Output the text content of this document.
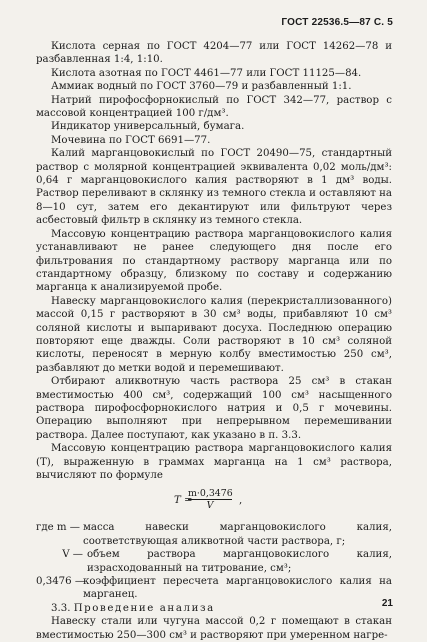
ГОСТ 22536.5—87 С. 5

Кислота серная по ГОСТ 4204—77 или ГОСТ 14262—78 и разбавленная 1:4, 1:10.

Кислота азотная по ГОСТ 4461—77 или ГОСТ 11125—84.

Аммиак водный по ГОСТ 3760—79 и разбавленный 1:1.

Натрий пирофосфорнокислый по ГОСТ 342—77, раствор с массовой концентрацией 100 г/дм³.

Индикатор универсальный, бумага.

Мочевина по ГОСТ 6691—77.

Калий марганцовокислый по ГОСТ 20490—75, стандартный раствор с молярной концентрацией эквивалента 0,02 моль/дм³: 0,64 г марганцовокислого калия растворяют в 1 дм³ воды. Раствор переливают в склянку из темного стекла и оставляют на 8—10 сут, затем его декантируют или фильтруют через асбестовый фильтр в склянку из темного стекла.

Массовую концентрацию раствора марганцовокислого калия устанавливают не ранее следующего дня после его фильтрования по стандартному раствору марганца или по стандартному образцу, близкому по составу и содержанию марганца к анализируемой пробе.

Навеску марганцовокислого калия (перекристаллизованного) массой 0,15 г растворяют в 30 см³ воды, прибавляют 10 см³ соляной кислоты и выпаривают досуха. Последнюю операцию повторяют еще дважды. Соли растворяют в 10 см³ соляной кислоты, переносят в мерную колбу вместимостью 250 см³, разбавляют до метки водой и перемешивают.

Отбирают аликвотную часть раствора 25 см³ в стакан вместимостью 400 см³, содержащий 100 см³ насыщенного раствора пирофосфорнокислого натрия и 0,5 г мочевины. Операцию выполняют при непрерывном перемешивании раствора. Далее поступают, как указано в п. 3.3.

Массовую концентрацию раствора марганцовокислого калия (T), выраженную в граммах марганца на 1 см³ раствора, вычисляют по формуле

T =
$\frac{m\cdot 0,3476}{V}$ ,
где m — масса навески марганцовокислого калия, соответствующая аликвотной части раствора, г;
V — объем раствора марганцовокислого калия, израсходованный на титрование, см³;
0,3476 —
коэффициент пересчета марганцовокислого калия на марганец.

3.3. Проведение анализа

Навеску стали или чугуна массой 0,2 г помещают в стакан вместимостью 250—300 см³ и растворяют при умеренном нагре-

21
